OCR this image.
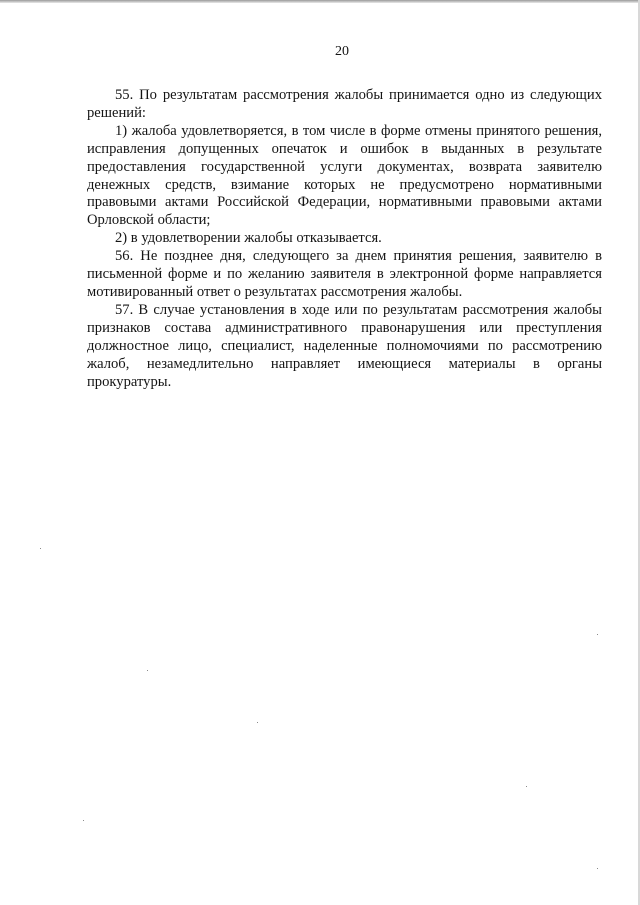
20

55. По результатам рассмотрения жалобы принимается одно из следующих решений:

1) жалоба удовлетворяется, в том числе в форме отмены принятого решения, исправления допущенных опечаток и ошибок в выданных в результате предоставления государственной услуги документах, возврата заявителю денежных средств, взимание которых не предусмотрено нормативными правовыми актами Российской Федерации, нормативными правовыми актами Орловской области;

2) в удовлетворении жалобы отказывается.

56. Не позднее дня, следующего за днем принятия решения, заявителю в письменной форме и по желанию заявителя в электронной форме направляется мотивированный ответ о результатах рассмотрения жалобы.

57. В случае установления в ходе или по результатам рассмотрения жалобы признаков состава административного правонарушения или преступления должностное лицо, специалист, наделенные полномочиями по рассмотрению жалоб, незамедлительно направляет имеющиеся материалы в органы прокуратуры.
